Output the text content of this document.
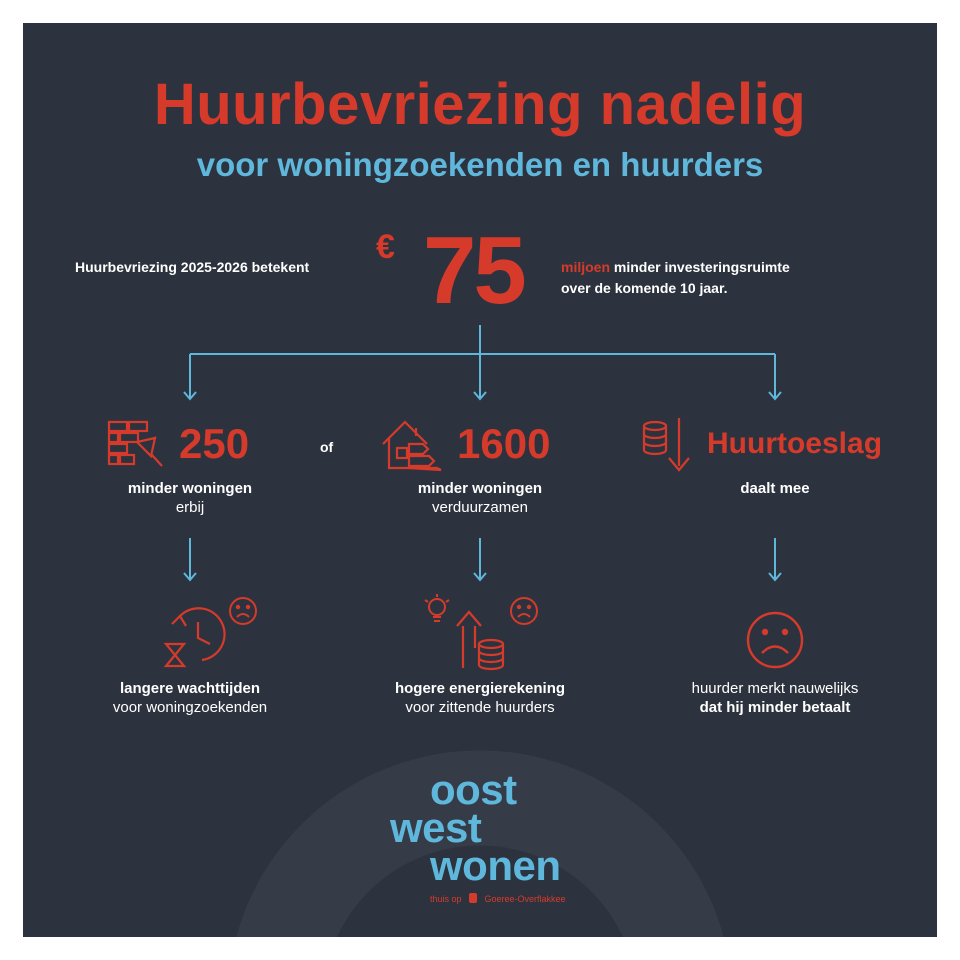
Huurbevriezing nadelig
voor woningzoekenden en huurders
Huurbevriezing 2025-2026 betekent
€ 75	miljoen minder investeringsruimte
over de komende 10 jaar.
250
minder woningen
erbij
of	1600
minder woningen
verduurzamen
Huurtoeslag
daalt mee
langere wachttijden
voor woningzoekenden
hogere energierekening
voor zittende huurders
huurder merkt nauwelijks
dat hij minder betaalt
oost
west
wonen
thuis op	Goeree-Overflakkee
